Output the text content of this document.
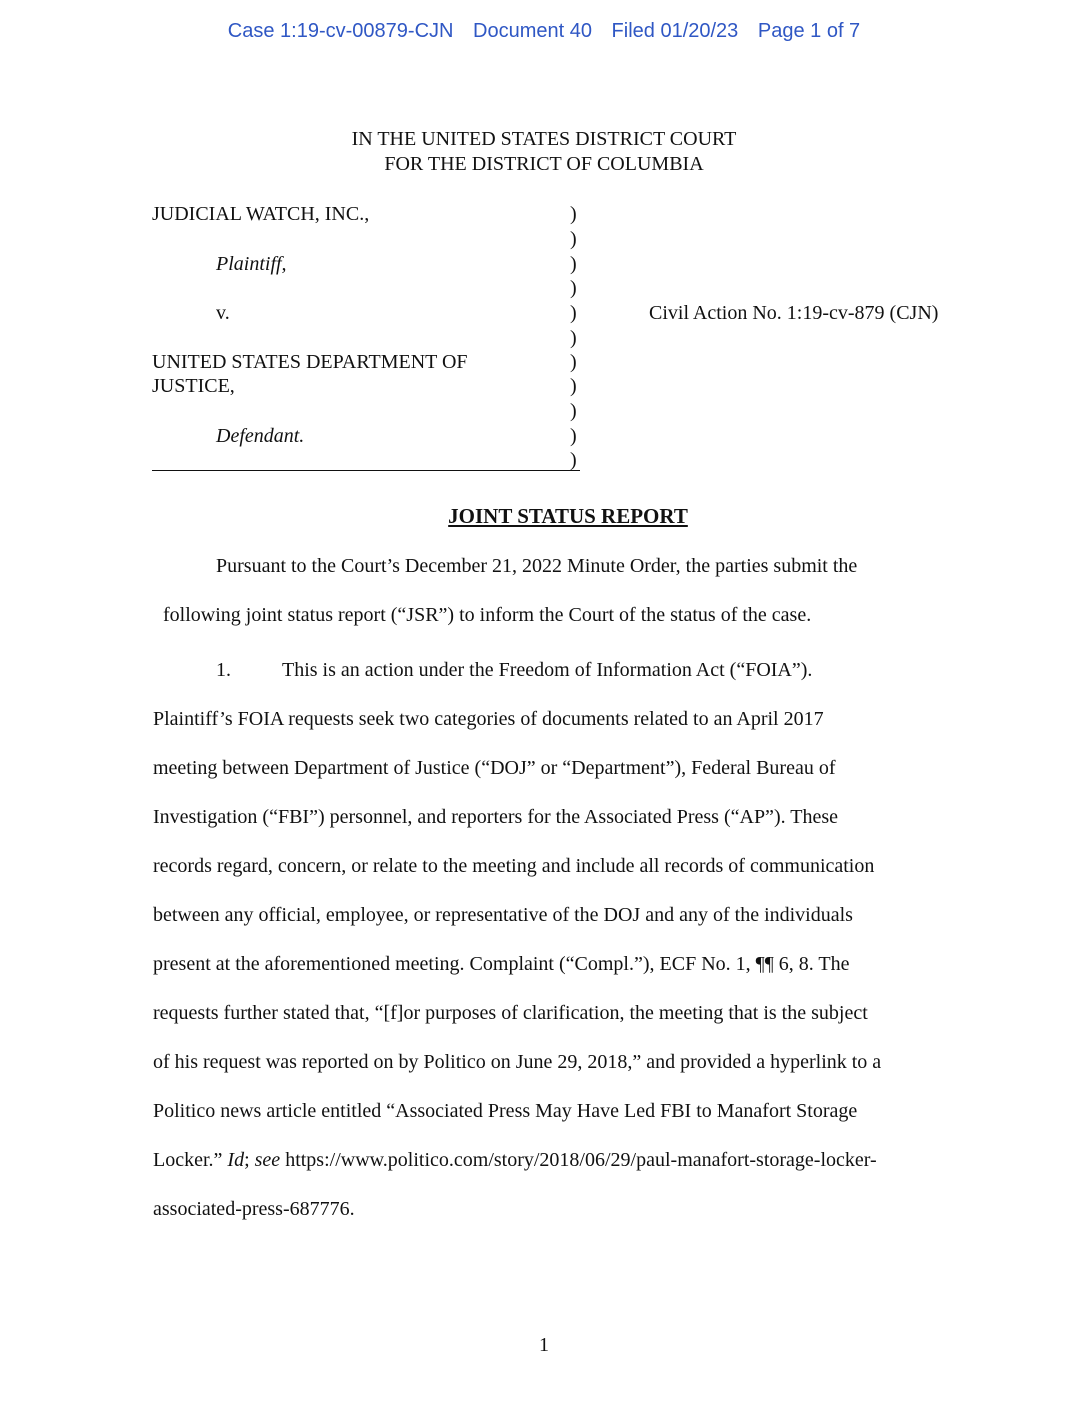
Case 1:19-cv-00879-CJN Document 40 Filed 01/20/23 Page 1 of 7
IN THE UNITED STATES DISTRICT COURT
FOR THE DISTRICT OF COLUMBIA
JUDICIAL WATCH, INC.,
Plaintiff,
v.
UNITED STATES DEPARTMENT OF
JUSTICE,
Defendant.
)
)
)
)
)
)
)
)
)
)
)
Civil Action No. 1:19-cv-879 (CJN)
JOINT STATUS REPORT
Pursuant to the Court’s December 21, 2022 Minute Order, the parties submit the
following joint status report (“JSR”) to inform the Court of the status of the case.
1.	This is an action under the Freedom of Information Act (“FOIA”).
Plaintiff’s FOIA requests seek two categories of documents related to an April 2017
meeting between Department of Justice (“DOJ” or “Department”), Federal Bureau of
Investigation (“FBI”) personnel, and reporters for the Associated Press (“AP”). These
records regard, concern, or relate to the meeting and include all records of communication
between any official, employee, or representative of the DOJ and any of the individuals
present at the aforementioned meeting. Complaint (“Compl.”), ECF No. 1, ¶¶ 6, 8. The
requests further stated that, “[f]or purposes of clarification, the meeting that is the subject
of his request was reported on by Politico on June 29, 2018,” and provided a hyperlink to a
Politico news article entitled “Associated Press May Have Led FBI to Manafort Storage
Locker.” Id; see https://www.politico.com/story/2018/06/29/paul-manafort-storage-locker-
associated-press-687776.
1
